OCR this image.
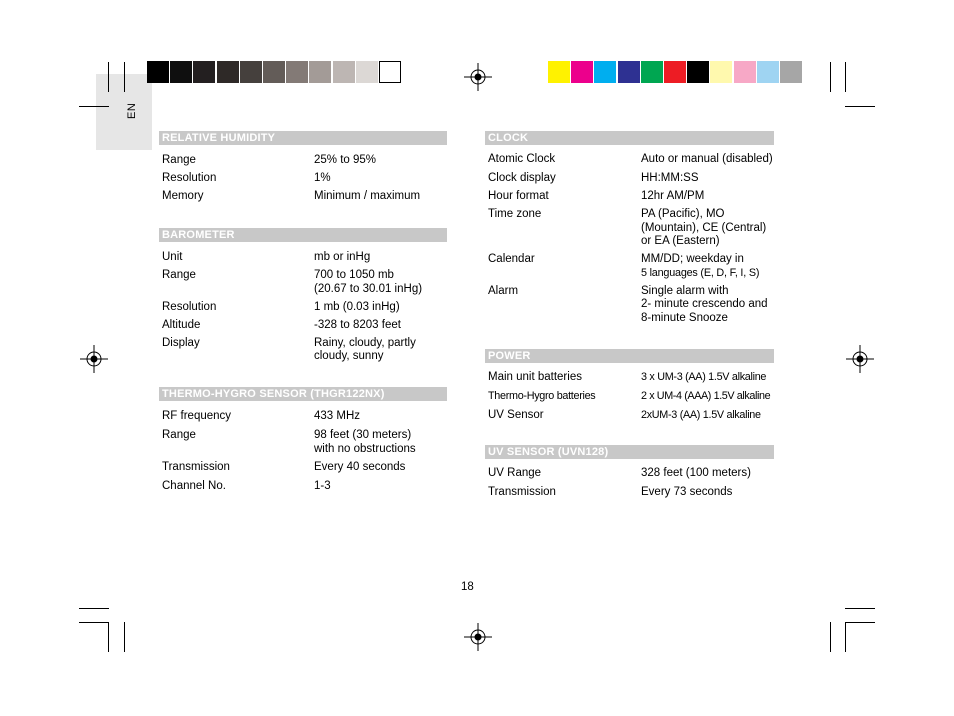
EN
RELATIVE HUMIDITY
Range	25% to 95%
Resolution	1%
Memory	Minimum / maximum
BAROMETER
Unit	mb or inHg
Range	700 to 1050 mb
(20.67 to 30.01 inHg)
Resolution	1 mb (0.03 inHg)
Altitude	-328 to 8203 feet
Display	Rainy, cloudy, partly
cloudy, sunny
THERMO-HYGRO SENSOR (THGR122NX)
RF frequency	433 MHz
Range	98 feet (30 meters)
with no obstructions
Transmission	Every 40 seconds
Channel No.	1-3
CLOCK
Atomic Clock	Auto or manual (disabled)
Clock display	HH:MM:SS
Hour format	12hr AM/PM
Time zone	PA (Pacific), MO
(Mountain), CE (Central)
or EA (Eastern)
Calendar	MM/DD; weekday in
5 languages (E, D, F, I, S)
Alarm	Single alarm with
2- minute crescendo and
8-minute Snooze
POWER
Main unit batteries	3 x UM-3 (AA) 1.5V alkaline
Thermo-Hygro batteries	2 x UM-4 (AAA) 1.5V alkaline
UV Sensor	2xUM-3 (AA) 1.5V alkaline
UV SENSOR (UVN128)
UV Range	328 feet (100 meters)
Transmission	Every 73 seconds
18
